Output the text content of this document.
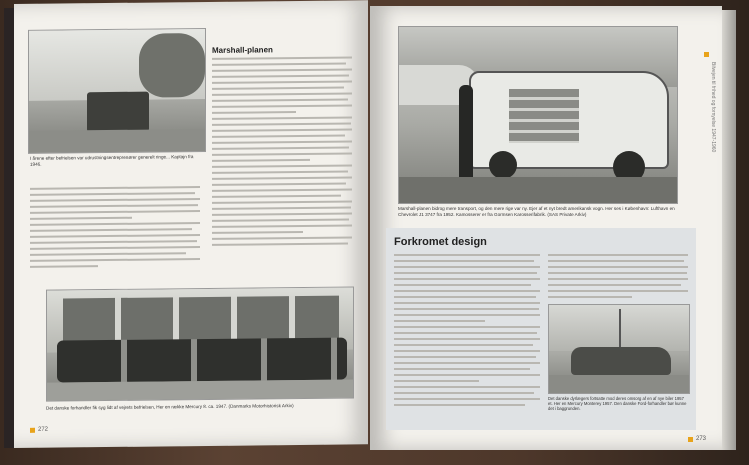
I årene efter befrielsen var udrustningsentreprenører generelt ringe... Kaptajn fra 1946.
Marshall-planen
Det danske forhandler fik syg lidt af vejrets befrielsen, Her en række Mercury 8. ca. 1947. (Danmarks Motorhistorisk Arkiv)
272
Marshall-planen bidrog mere transport, og den mere rige var ny. Ejer af et nyt bredt amerikansk vogn. Her ses i København: Lufthavn en Chevrolet J1 3747 fra 1952. Kamosserer er fra Gormsen Karosserifabrik. (SAS Private Arkiv)
Forkromet design
Det danske dyrlægers fortsatte mod deres omsorg af en af nye biler 1957 et. Her en Mercury Monterey 1957. Den danske Ford-forhandler bør kunne det i baggrunden.
273
Bilvejen til frihed og fornyelse 1947-1960
